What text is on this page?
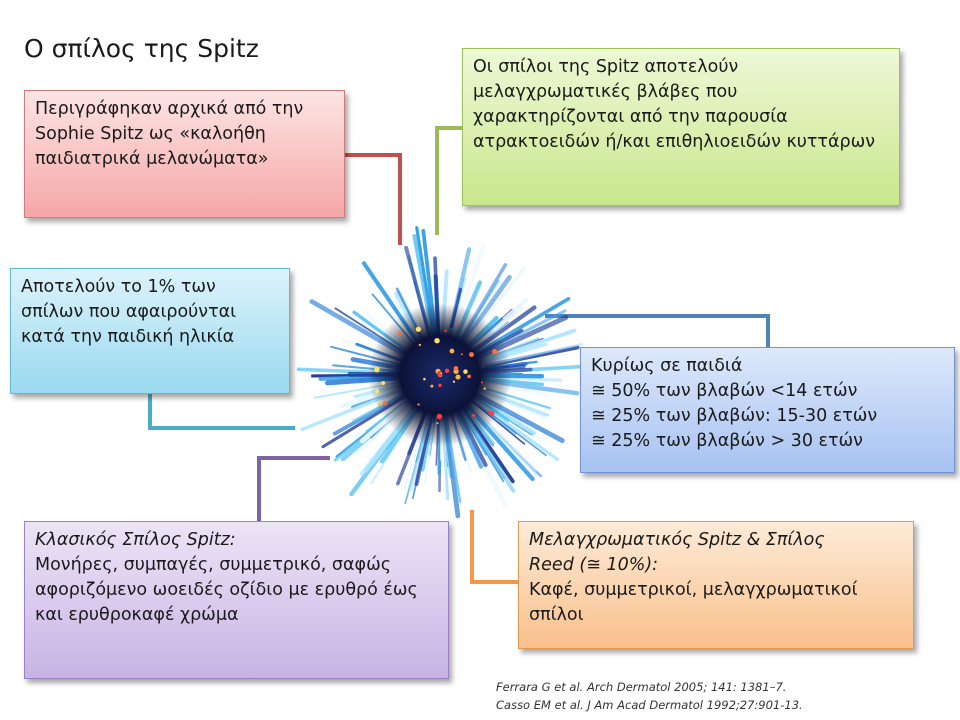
Ο σπίλος της Spitz

Περιγράφηκαν αρχικά από την Sophie Spitz ως «καλοήθη παιδιατρικά μελανώματα»

Οι σπίλοι της Spitz αποτελούν μελαγχρωματικές βλάβες που χαρακτηρίζονται από την παρουσία ατρακτοειδών ή/και επιθηλιοειδών κυττάρων

Αποτελούν το 1% των σπίλων που αφαιρούνται κατά την παιδική ηλικία

Κυρίως σε παιδιά

≅ 50% των βλαβών <14 ετών

≅ 25% των βλαβών: 15-30 ετών

≅ 25% των βλαβών > 30 ετών

Κλασικός Σπίλος Spitz:

Μονήρες, συμπαγές, συμμετρικό, σαφώς αφοριζόμενο ωοειδές οζίδιο με ερυθρό έως και ερυθροκαφέ χρώμα

Μελαγχρωματικός Spitz & Σπίλος

Reed (≅ 10%):

Καφέ, συμμετρικοί, μελαγχρωματικοί σπίλοι

Ferrara G et al. Arch Dermatol 2005; 141: 1381–7.
Casso EM et al. J Am Acad Dermatol 1992;27:901-13.
